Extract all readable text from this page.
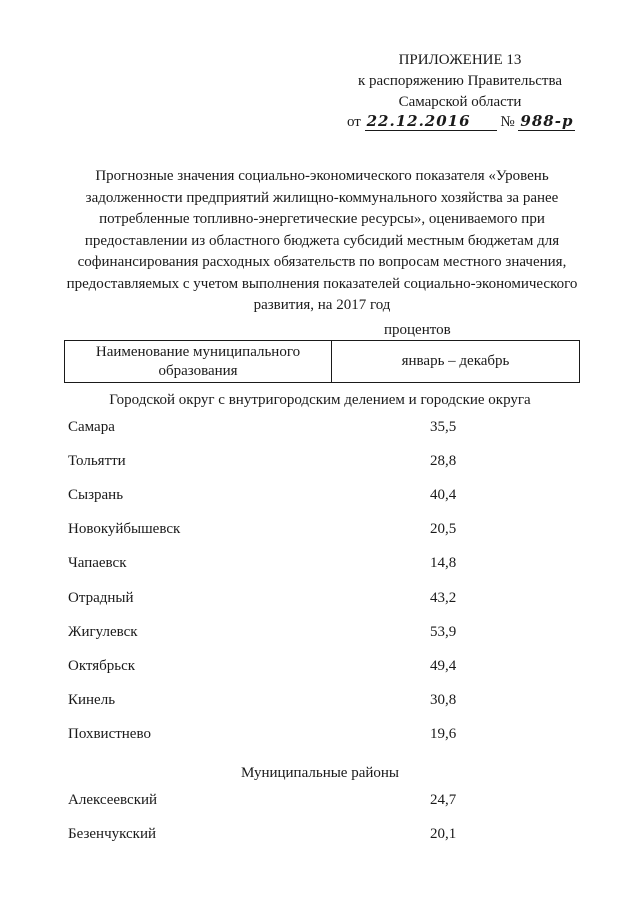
ПРИЛОЖЕНИЕ 13
к распоряжению Правительства
Самарской области
от 22.12.2016 № 988-р
Прогнозные значения социально-экономического показателя «Уровень задолженности предприятий жилищно-коммунального хозяйства за ранее потребленные топливно-энергетические ресурсы», оцениваемого при предоставлении из областного бюджета субсидий местным бюджетам для софинансирования расходных обязательств по вопросам местного значения, предоставляемых с учетом выполнения показателей социально-экономического развития, на 2017 год
процентов
Наименование муниципального образования	январь – декабрь
Городской округ с внутригородским делением и городские округа
Самара	35,5
Тольятти	28,8
Сызрань	40,4
Новокуйбышевск	20,5
Чапаевск	14,8
Отрадный	43,2
Жигулевск	53,9
Октябрьск	49,4
Кинель	30,8
Похвистнево	19,6
Муниципальные районы
Алексеевский	24,7
Безенчукский	20,1
